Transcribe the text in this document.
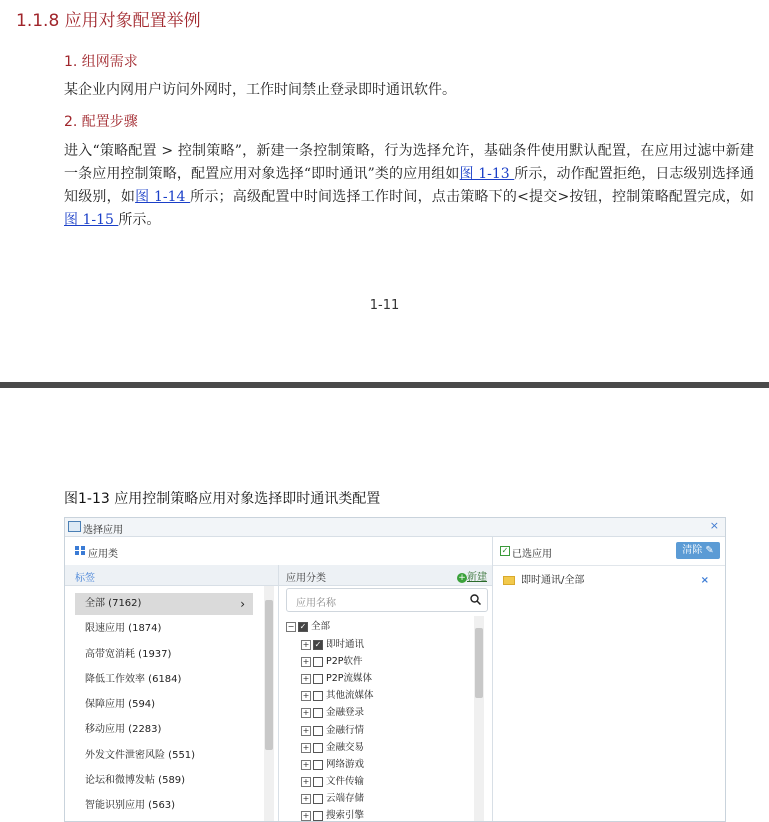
1.1.8 应用对象配置举例
1. 组网需求
某企业内网用户访问外网时，工作时间禁止登录即时通讯软件。
2. 配置步骤
进入“策略配置 > 控制策略”，新建一条控制策略，行为选择允许，基础条件使用默认配置，在应用过滤中新建一条应用控制策略，配置应用对象选择“即时通讯”类的应用组如图 1-13 所示，动作配置拒绝，日志级别选择通知级别，如图 1-14 所示；高级配置中时间选择工作时间，点击策略下的<提交>按钮，控制策略配置完成，如图 1-15 所示。
1-11
图1-13 应用控制策略应用对象选择即时通讯类配置
选择应用	×
应用类	✓ 已选应用	清除 ✎
标签	应用分类	+新建
全部 (7162)	›
限速应用 (1874)
高带宽消耗 (1937)
降低工作效率 (6184)
保障应用 (594)
移动应用 (2283)
外发文件泄密风险 (551)
论坛和微博发帖 (589)
智能识别应用 (563)
应用名称
− ✓ 全部
+ ✓ 即时通讯
+ P2P软件
+ P2P流媒体
+ 其他流媒体
+ 金融登录
+ 金融行情
+ 金融交易
+ 网络游戏
+ 文件传输
+ 云端存储
+ 搜索引擎
即时通讯/全部	×
